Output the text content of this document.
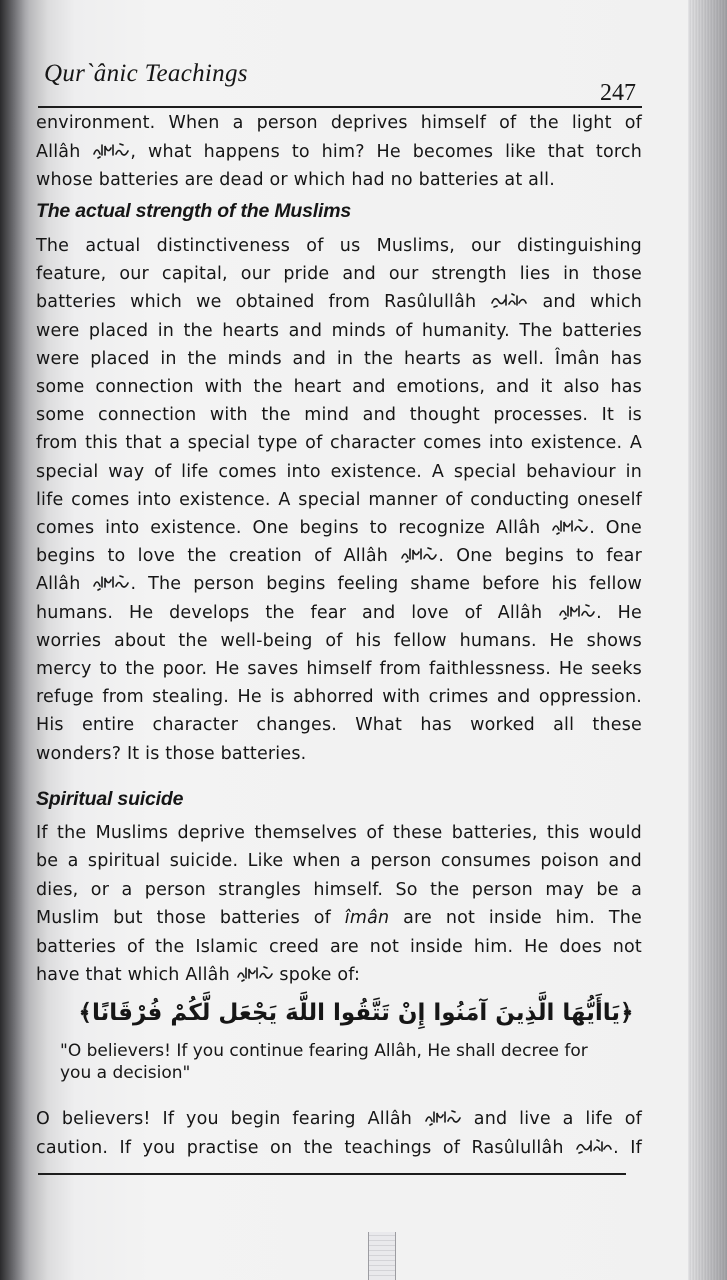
Qur`ânic Teachings
247

environment. When a person deprives himself of the light of

Allâh
, what happens to him? He becomes like that torch

whose batteries are dead or which had no batteries at all.

The actual strength of the Muslims

The actual distinctiveness of us Muslims, our distinguishing

feature, our capital, our pride and our strength lies in those

batteries which we obtained from Rasûlullâh
and which

were placed in the hearts and minds of humanity. The batteries

were placed in the minds and in the hearts as well. Îmân has

some connection with the heart and emotions, and it also has

some connection with the mind and thought processes. It is

from this that a special type of character comes into existence. A

special way of life comes into existence. A special behaviour in

life comes into existence. A special manner of conducting oneself

comes into existence. One begins to recognize Allâh
. One

begins to love the creation of Allâh
. One begins to fear

Allâh
. The person begins feeling shame before his fellow

humans. He develops the fear and love of Allâh
. He

worries about the well-being of his fellow humans. He shows

mercy to the poor. He saves himself from faithlessness. He seeks

refuge from stealing. He is abhorred with crimes and oppression.

His entire character changes. What has worked all these

wonders? It is those batteries.

Spiritual suicide

If the Muslims deprive themselves of these batteries, this would

be a spiritual suicide. Like when a person consumes poison and

dies, or a person strangles himself. So the person may be a

Muslim but those batteries of îmân are not inside him. The

batteries of the Islamic creed are not inside him. He does not

have that which Allâh
spoke of:

﴿يَاأَيُّهَا الَّذِينَ آمَنُوا إِنْ تَتَّقُوا اللَّهَ يَجْعَل لَّكُمْ فُرْقَانًا﴾

"O believers! If you continue fearing Allâh, He shall decree for you a decision"

O believers! If you begin fearing Allâh
and live a life of

caution. If you practise on the teachings of Rasûlullâh
. If
